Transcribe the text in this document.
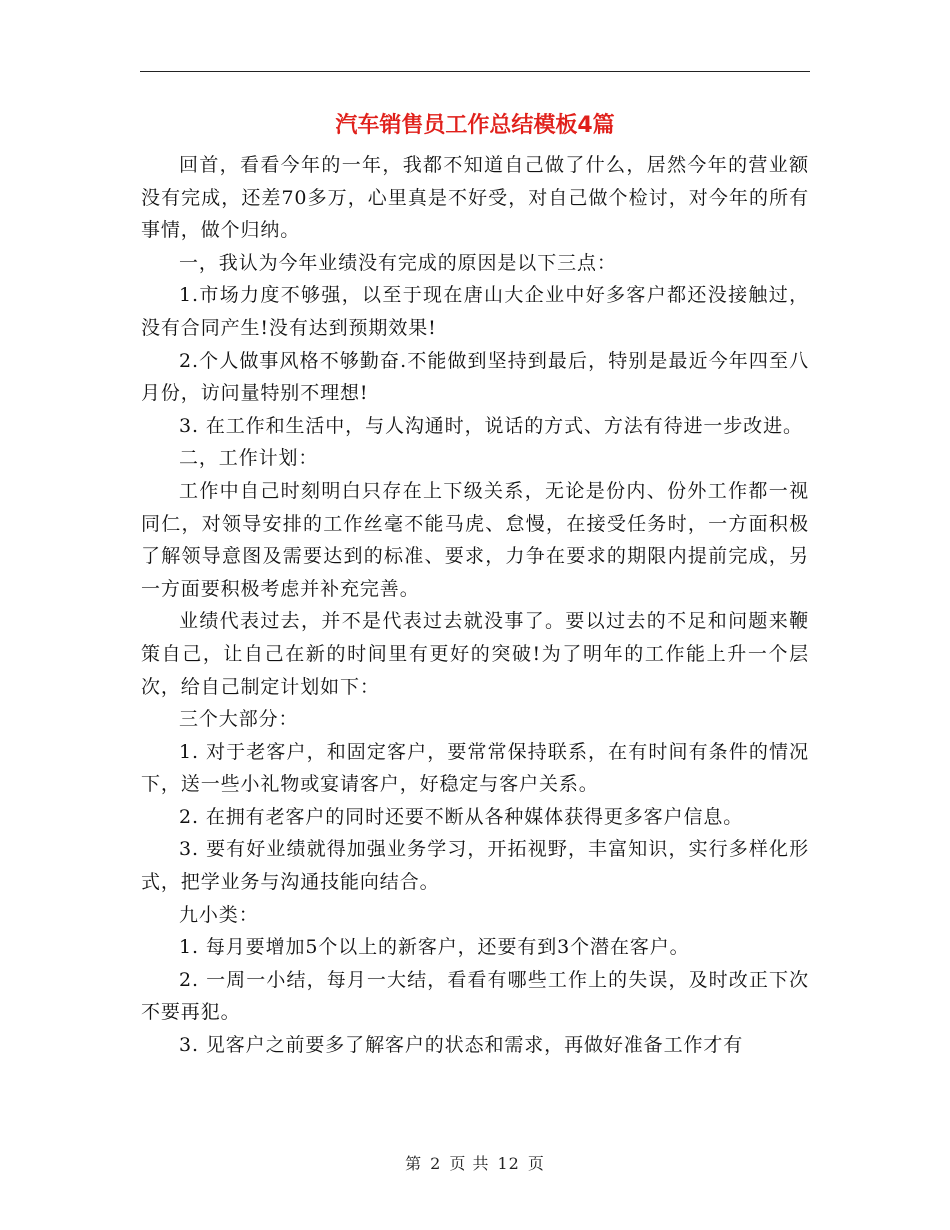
汽车销售员工作总结模板4篇

回首，看看今年的一年，我都不知道自己做了什么，居然今年的营业额没有完成，还差70多万，心里真是不好受，对自己做个检讨，对今年的所有事情，做个归纳。

一，我认为今年业绩没有完成的原因是以下三点：

1.市场力度不够强，以至于现在唐山大企业中好多客户都还没接触过，没有合同产生!没有达到预期效果!

2.个人做事风格不够勤奋.不能做到坚持到最后，特别是最近今年四至八月份，访问量特别不理想!

3. 在工作和生活中，与人沟通时，说话的方式、方法有待进一步改进。

二，工作计划：

工作中自己时刻明白只存在上下级关系，无论是份内、份外工作都一视同仁，对领导安排的工作丝毫不能马虎、怠慢，在接受任务时，一方面积极了解领导意图及需要达到的标准、要求，力争在要求的期限内提前完成，另一方面要积极考虑并补充完善。

业绩代表过去，并不是代表过去就没事了。要以过去的不足和问题来鞭策自己，让自己在新的时间里有更好的突破!为了明年的工作能上升一个层次，给自己制定计划如下：

三个大部分：

1. 对于老客户，和固定客户，要常常保持联系，在有时间有条件的情况下，送一些小礼物或宴请客户，好稳定与客户关系。

2. 在拥有老客户的同时还要不断从各种媒体获得更多客户信息。

3. 要有好业绩就得加强业务学习，开拓视野，丰富知识，实行多样化形式，把学业务与沟通技能向结合。

九小类：

1. 每月要增加5个以上的新客户，还要有到3个潜在客户。

2. 一周一小结，每月一大结，看看有哪些工作上的失误，及时改正下次不要再犯。

3. 见客户之前要多了解客户的状态和需求，再做好准备工作才有

第 2 页 共 12 页
